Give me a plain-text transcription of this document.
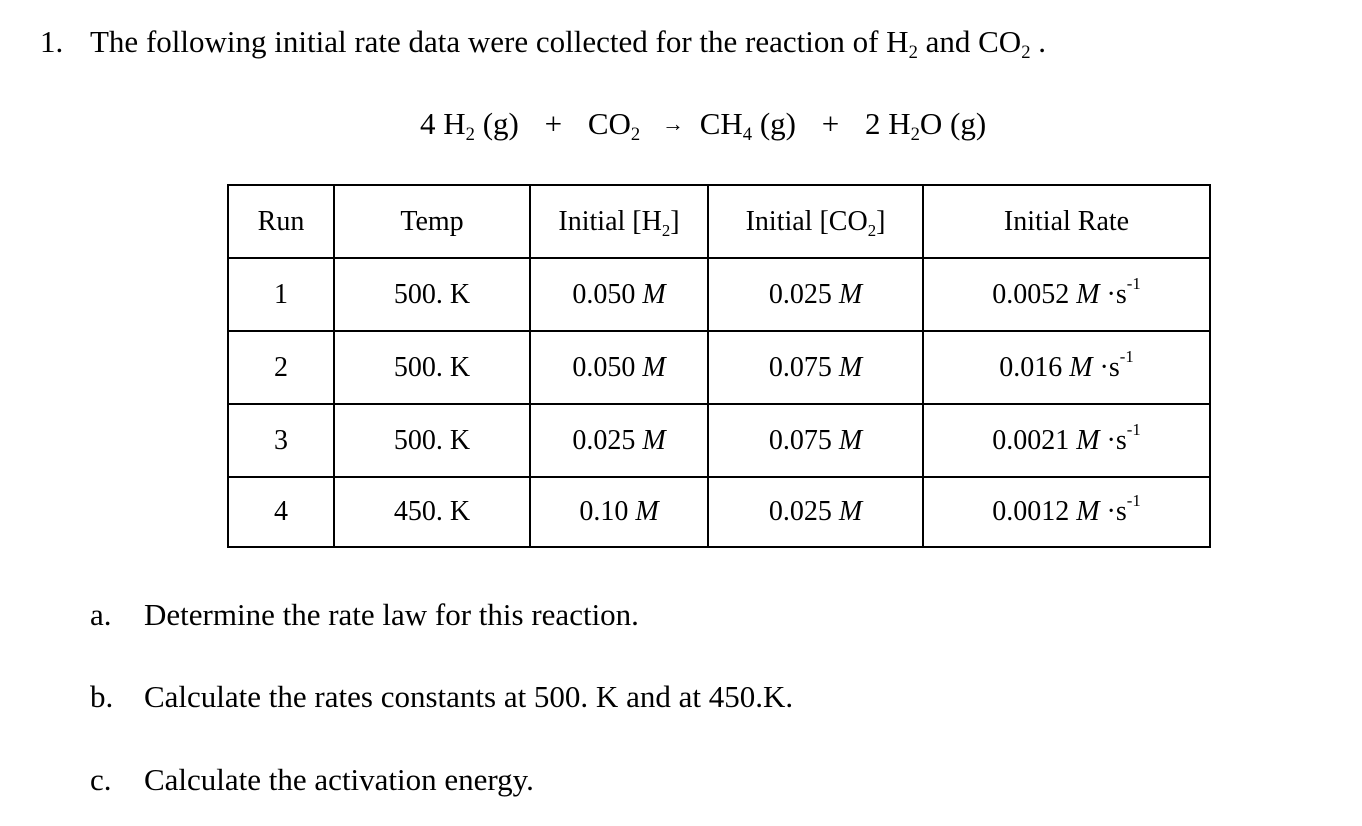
1. The following initial rate data were collected for the reaction of $H_2$ and $CO_2$ .
4 $H_2$ $(g) + CO_2 \to CH_4$ (g) + 2 $H_2O$ (g)
Run	Temp	Initial $[H_2]$	Initial $[CO_2]$	Initial Rate
1	500. K	0.050 M	0.025 M	0.0052 $M \cdot s^{-1}$
2	500. K	0.050 M	0.075 M	0.016 $M \cdot s^{-1}$
3	500. K	0.025 M	0.075 M	0.0021 $M \cdot s^{-1}$
4	450. K	0.10 M	0.025 M	0.0012 $M \cdot s^{-1}$
a. Determine the rate law for this reaction.
b. Calculate the rates constants at 500. K and at 450.K.
c. Calculate the activation energy.
